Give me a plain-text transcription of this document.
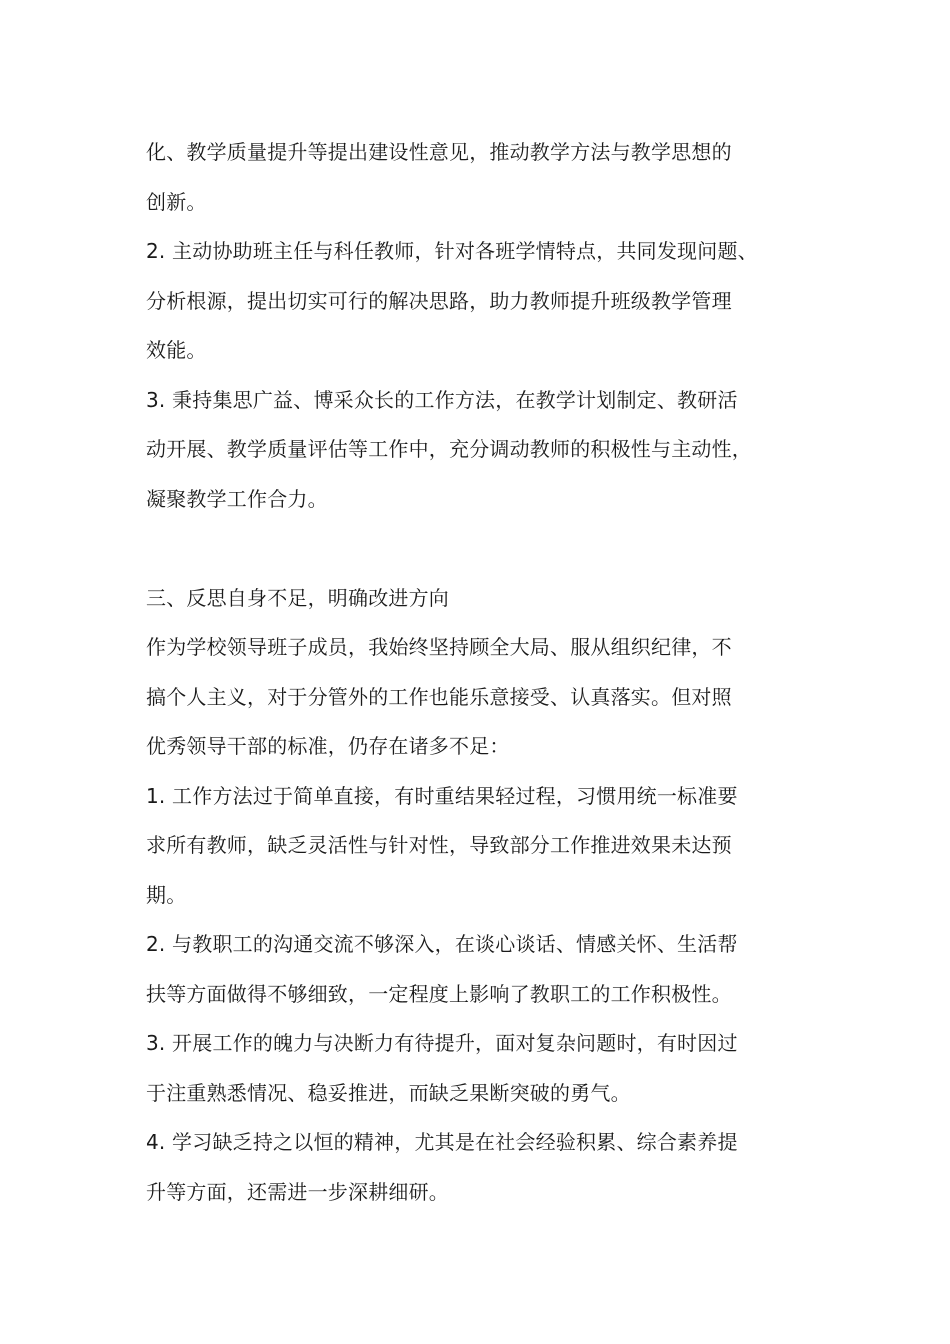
化、教学质量提升等提出建设性意见，推动教学方法与教学思想的
创新。
2. 主动协助班主任与科任教师，针对各班学情特点，共同发现问题、
分析根源，提出切实可行的解决思路，助力教师提升班级教学管理
效能。
3. 秉持集思广益、博采众长的工作方法，在教学计划制定、教研活
动开展、教学质量评估等工作中，充分调动教师的积极性与主动性，
凝聚教学工作合力。
三、反思自身不足，明确改进方向
作为学校领导班子成员，我始终坚持顾全大局、服从组织纪律，不
搞个人主义，对于分管外的工作也能乐意接受、认真落实。但对照
优秀领导干部的标准，仍存在诸多不足：
1. 工作方法过于简单直接，有时重结果轻过程，习惯用统一标准要
求所有教师，缺乏灵活性与针对性，导致部分工作推进效果未达预
期。
2. 与教职工的沟通交流不够深入，在谈心谈话、情感关怀、生活帮
扶等方面做得不够细致，一定程度上影响了教职工的工作积极性。
3. 开展工作的魄力与决断力有待提升，面对复杂问题时，有时因过
于注重熟悉情况、稳妥推进，而缺乏果断突破的勇气。
4. 学习缺乏持之以恒的精神，尤其是在社会经验积累、综合素养提
升等方面，还需进一步深耕细研。
